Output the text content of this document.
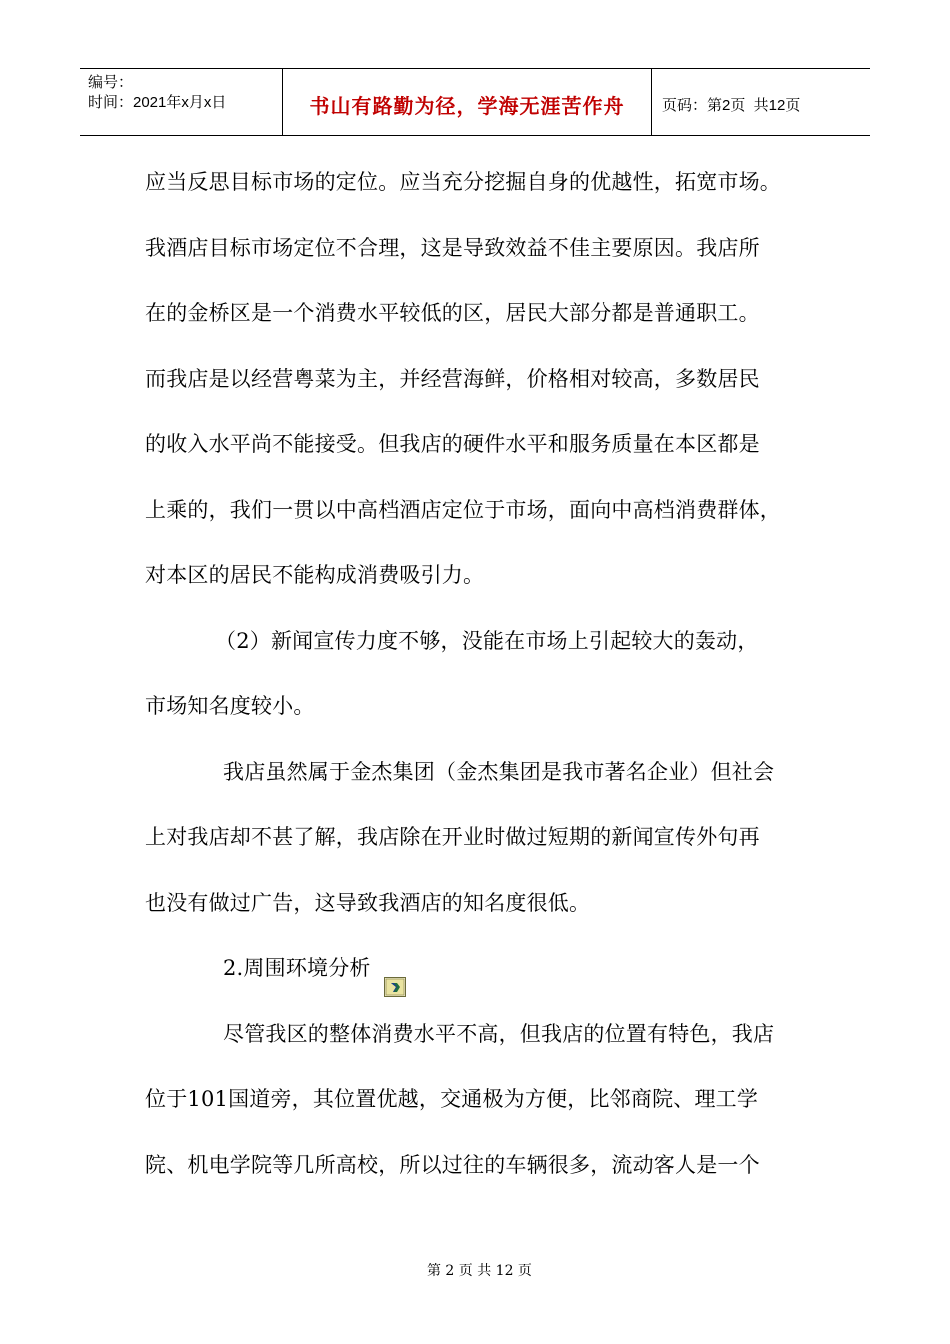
编号：
时间：2021年x月x日	书山有路勤为径，学海无涯苦作舟	页码：第2页  共12页
应当反思目标市场的定位。应当充分挖掘自身的优越性，拓宽市场。
我酒店目标市场定位不合理，这是导致效益不佳主要原因。我店所
在的金桥区是一个消费水平较低的区，居民大部分都是普通职工。
而我店是以经营粤菜为主，并经营海鲜，价格相对较高，多数居民
的收入水平尚不能接受。但我店的硬件水平和服务质量在本区都是
上乘的，我们一贯以中高档酒店定位于市场，面向中高档消费群体，
对本区的居民不能构成消费吸引力。
（2）新闻宣传力度不够，没能在市场上引起较大的轰动，
市场知名度较小。
我店虽然属于金杰集团（金杰集团是我市著名企业）但社会
上对我店却不甚了解，我店除在开业时做过短期的新闻宣传外句再
也没有做过广告，这导致我酒店的知名度很低。
2.周围环境分析
尽管我区的整体消费水平不高，但我店的位置有特色，我店
位于101国道旁，其位置优越，交通极为方便，比邻商院、理工学
院、机电学院等几所高校，所以过往的车辆很多，流动客人是一个

第 2 页 共 12 页
